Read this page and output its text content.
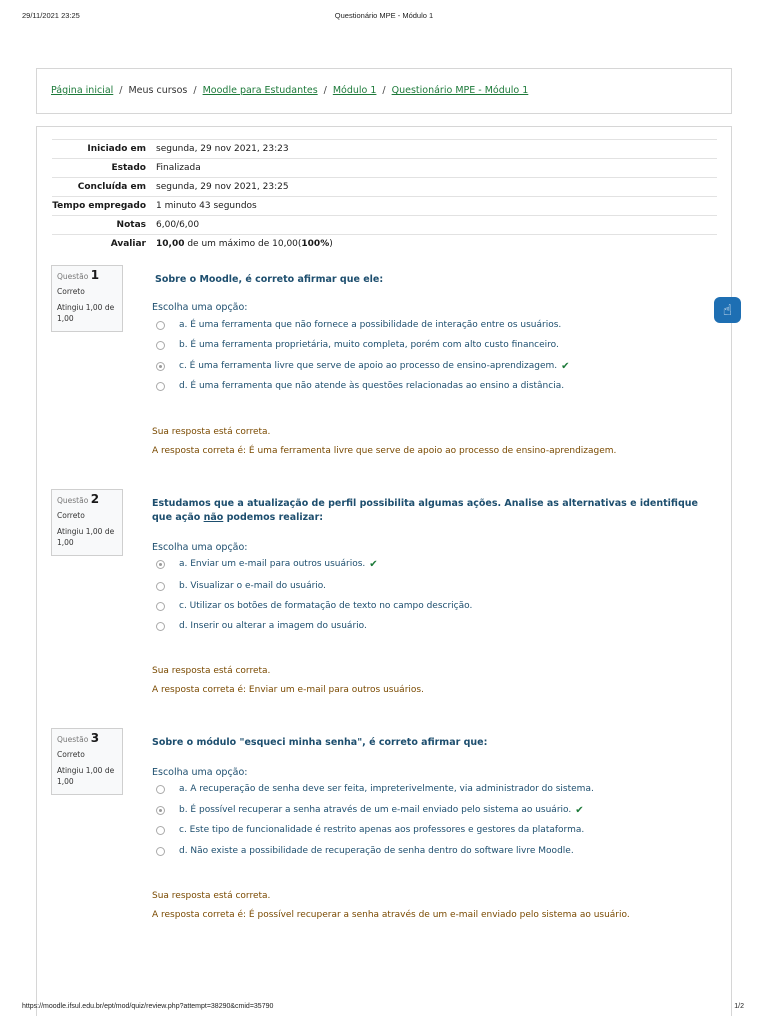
29/11/2021 23:25	Questionário MPE - Módulo 1
Página inicial / Meus cursos / Moodle para Estudantes / Módulo 1 / Questionário MPE - Módulo 1
Iniciado em	segunda, 29 nov 2021, 23:23
Estado	Finalizada
Concluída em	segunda, 29 nov 2021, 23:25
Tempo empregado	1 minuto 43 segundos
Notas	6,00/6,00
Avaliar	10,00 de um máximo de 10,00(100%)
☝
Questão 1
Correto
Atingiu 1,00 de 1,00
Sobre o Moodle, é correto afirmar que ele:
Escolha uma opção:
a. É uma ferramenta que não fornece a possibilidade de interação entre os usuários.
b. É uma ferramenta proprietária, muito completa, porém com alto custo financeiro.
c. É uma ferramenta livre que serve de apoio ao processo de ensino-aprendizagem. ✔
d. É uma ferramenta que não atende às questões relacionadas ao ensino a distância.
Sua resposta está correta.
A resposta correta é: É uma ferramenta livre que serve de apoio ao processo de ensino-aprendizagem.
Questão 2
Correto
Atingiu 1,00 de 1,00
Estudamos que a atualização de perfil possibilita algumas ações. Analise as alternativas e identifique que ação não podemos realizar:
Escolha uma opção:
a. Enviar um e-mail para outros usuários. ✔
b. Visualizar o e-mail do usuário.
c. Utilizar os botões de formatação de texto no campo descrição.
d. Inserir ou alterar a imagem do usuário.
Sua resposta está correta.
A resposta correta é: Enviar um e-mail para outros usuários.
Questão 3
Correto
Atingiu 1,00 de 1,00
Sobre o módulo "esqueci minha senha", é correto afirmar que:
Escolha uma opção:
a. A recuperação de senha deve ser feita, impreterivelmente, via administrador do sistema.
b. É possível recuperar a senha através de um e-mail enviado pelo sistema ao usuário. ✔
c. Este tipo de funcionalidade é restrito apenas aos professores e gestores da plataforma.
d. Não existe a possibilidade de recuperação de senha dentro do software livre Moodle.
Sua resposta está correta.
A resposta correta é: É possível recuperar a senha através de um e-mail enviado pelo sistema ao usuário.
https://moodle.ifsul.edu.br/ept/mod/quiz/review.php?attempt=38290&cmid=35790	1/2
